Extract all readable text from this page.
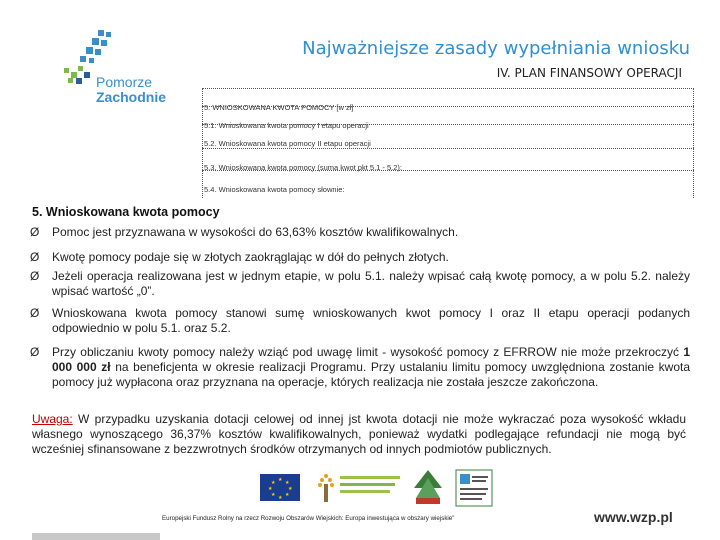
Pomorze
Zachodnie
Najważniejsze zasady wypełniania wniosku
IV. PLAN FINANSOWY OPERACJI
5. WNIOSKOWANA KWOTA POMOCY [w zł]
5.1. Wnioskowana kwota pomocy I etapu operacji
5.2. Wnioskowana kwota pomocy II etapu operacji
5.3. Wnioskowana kwota pomocy (suma kwot pkt 5.1 - 5.2):
5.4. Wnioskowana kwota pomocy słownie:
5. Wnioskowana kwota pomocy
Ø Pomoc jest przyznawana w wysokości do 63,63% kosztów kwalifikowalnych.
Ø Kwotę pomocy podaje się w złotych zaokrąglając w dół do pełnych złotych.
Ø Jeżeli operacja realizowana jest w jednym etapie, w polu 5.1. należy wpisać całą kwotę pomocy, a w polu 5.2. należy wpisać wartość „0”.
Ø Wnioskowana kwota pomocy stanowi sumę wnioskowanych kwot pomocy I oraz II etapu operacji podanych odpowiednio w polu 5.1. oraz 5.2.
Ø Przy obliczaniu kwoty pomocy należy wziąć pod uwagę limit - wysokość pomocy z EFRROW nie może przekroczyć 1 000 000 zł na beneficjenta w okresie realizacji Programu. Przy ustalaniu limitu pomocy uwzględniona zostanie kwota pomocy już wypłacona oraz przyznana na operacje, których realizacja nie została jeszcze zakończona.
Uwaga: W przypadku uzyskania dotacji celowej od innej jst kwota dotacji nie może wykraczać poza wysokość wkładu własnego wynoszącego 36,37% kosztów kwalifikowalnych, ponieważ wydatki podlegające refundacji nie mogą być wcześniej sfinansowane z bezzwrotnych środków otrzymanych od innych podmiotów publicznych.
★ ★
★
★
★
★
★
★
Europejski Fundusz Rolny na rzecz Rozwoju Obszarów Wiejskich: Europa inwestująca w obszary wiejskie”	www.wzp.pl
